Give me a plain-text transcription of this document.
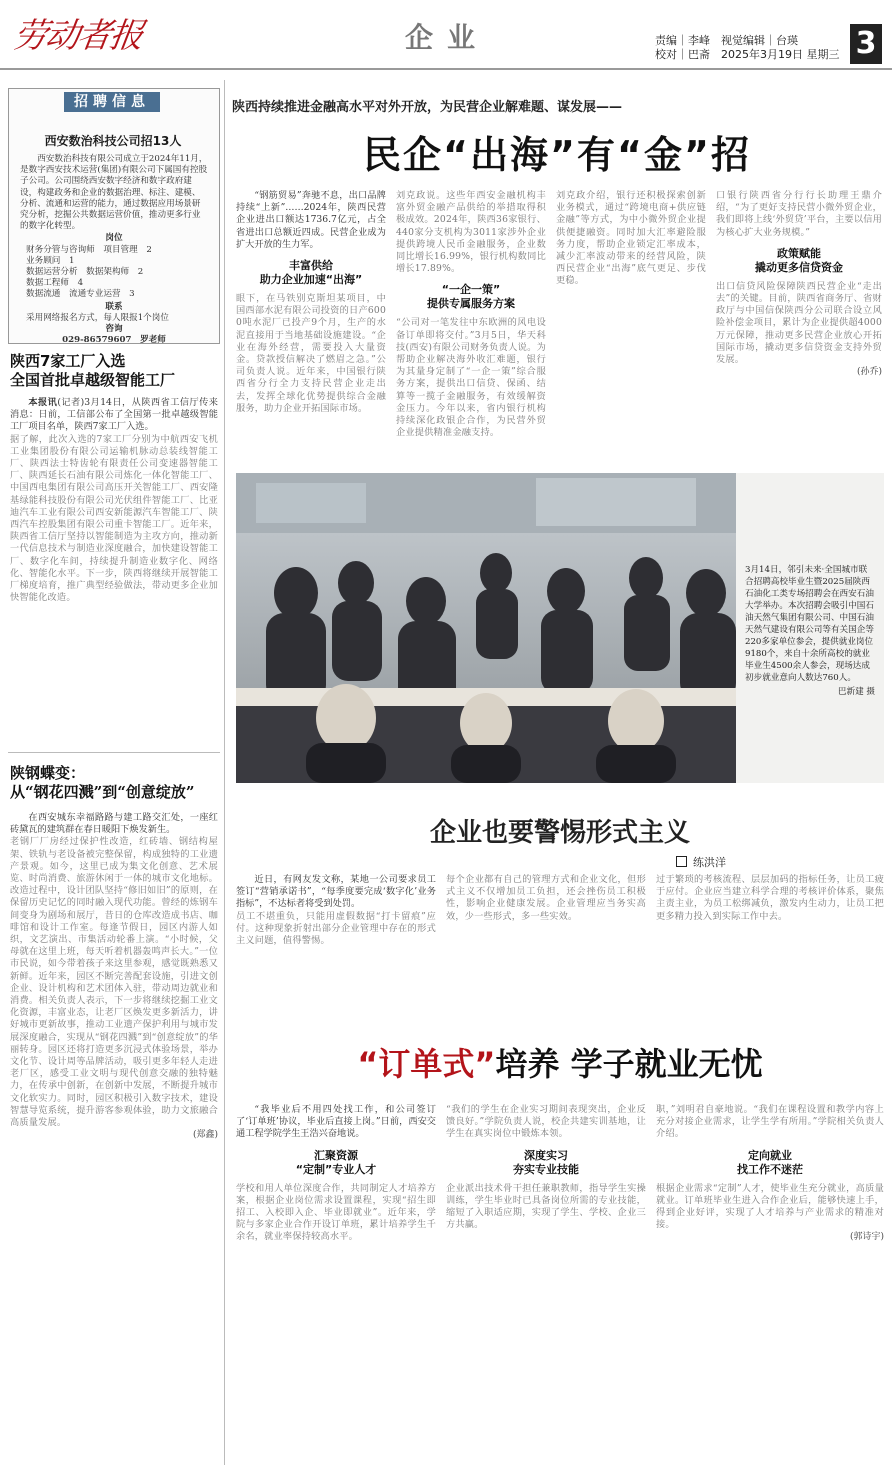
劳动者报	企业	责编｜李峰　视觉编辑｜台瑛
校对｜巴斋　2025年3月19日 星期三 3
招聘信息
西安数治科技公司招13人

西安数治科技有限公司成立于2024年11月，是数字西安技术运营(集团)有限公司下属国有控股子公司。公司围绕西安数字经济和数字政府建设，构建政务和企业的数据治理、标注、建模、分析、流通和运营的能力，通过数据应用场景研究分析，挖掘公共数据运营价值，推动更多行业的数字化转型。

岗位
财务分管与咨询师　项目管理　2
业务顾问　1
数据运营分析　数据架构师　2
数据工程师　4
数据流通　流通专业运营　3
联系
采用网络报名方式，每人限报1个岗位
咨询
029-86579607　罗老师
陕西7家工厂入选
全国首批卓越级智能工厂

本报讯(记者)3月14日，从陕西省工信厅传来消息：日前，工信部公布了全国第一批卓越级智能工厂项目名单，陕西7家工厂入选。

据了解，此次入选的7家工厂分别为中航西安飞机工业集团股份有限公司运输机脉动总装线智能工厂、陕西法士特齿轮有限责任公司变速器智能工厂、陕西延长石油有限公司炼化一体化智能工厂、中国西电集团有限公司高压开关智能工厂、西安隆基绿能科技股份有限公司光伏组件智能工厂、比亚迪汽车工业有限公司西安新能源汽车智能工厂、陕西汽车控股集团有限公司重卡智能工厂。近年来，陕西省工信厅坚持以智能制造为主攻方向，推动新一代信息技术与制造业深度融合，加快建设智能工厂、数字化车间，持续提升制造业数字化、网络化、智能化水平。下一步，陕西将继续开展智能工厂梯度培育，推广典型经验做法，带动更多企业加快智能化改造。
陕钢蝶变：
从“钢花四溅”到“创意绽放”

在西安城东幸福路路与建工路交汇处，一座红砖黛瓦的建筑群在春日暖阳下焕发新生。

老钢厂厂房经过保护性改造，红砖墙、钢结构屋架、铁轨与老设备被完整保留，构成独特的工业遗产景观。如今，这里已成为集文化创意、艺术展览、时尚消费、旅游休闲于一体的城市文化地标。改造过程中，设计团队坚持“修旧如旧”的原则，在保留历史记忆的同时融入现代功能。曾经的炼钢车间变身为剧场和展厅，昔日的仓库改造成书店、咖啡馆和设计工作室。每逢节假日，园区内游人如织，文艺演出、市集活动轮番上演。“小时候，父母就在这里上班，每天听着机器轰鸣声长大。”一位市民说，如今带着孩子来这里参观，感觉既熟悉又新鲜。近年来，园区不断完善配套设施，引进文创企业、设计机构和艺术团体入驻，带动周边就业和消费。相关负责人表示，下一步将继续挖掘工业文化资源，丰富业态，让老厂区焕发更多新活力，讲好城市更新故事，推动工业遗产保护利用与城市发展深度融合，实现从“钢花四溅”到“创意绽放”的华丽转身。园区还将打造更多沉浸式体验场景，举办文化节、设计周等品牌活动，吸引更多年轻人走进老厂区，感受工业文明与现代创意交融的独特魅力，在传承中创新，在创新中发展，不断提升城市文化软实力。同时，园区积极引入数字技术，建设智慧导览系统，提升游客参观体验，助力文旅融合高质量发展。
(郑鑫)
陕西持续推进金融高水平对外开放，为民营企业解难题、谋发展——
民企“出海”有“金”招

“钢筋贸易”奔驰不息，出口品牌持续“上新”……2024年，陕西民营企业进出口额达1736.7亿元，占全省进出口总额近四成。民营企业成为扩大开放的生力军。

丰富供给
助力企业加速“出海”
眼下，在马铁别克斯坦某项目，中国西部水泥有限公司投资的日产6000吨水泥厂已投产9个月，生产的水泥直接用于当地基础设施建设。“企业在海外经营，需要投入大量资金。贷款授信解决了燃眉之急。”公司负责人说。近年来，中国银行陕西省分行全力支持民营企业走出去，发挥全球化优势提供综合金融服务，助力企业开拓国际市场。
刘克政说。这些年西安金融机构丰富外贸金融产品供给的举措取得积极成效。2024年，陕西36家银行、440家分支机构为3011家涉外企业提供跨境人民币金融服务，企业数同比增长16.99%，银行机构数同比增长17.89%。
“一企一策”
提供专属服务方案
“公司对一笔发往中东欧洲的风电设备订单即将交付。”3月5日，华天科技(西安)有限公司财务负责人说。为帮助企业解决海外收汇难题，银行为其量身定制了“一企一策”综合服务方案，提供出口信贷、保函、结算等一揽子金融服务，有效缓解资金压力。今年以来，省内银行机构持续深化政银企合作，为民营外贸企业提供精准金融支持。
刘克政介绍，银行还积极探索创新业务模式，通过“跨境电商+供应链金融”等方式，为中小微外贸企业提供便捷融资。同时加大汇率避险服务力度，帮助企业锁定汇率成本，减少汇率波动带来的经营风险，陕西民营企业“出海”底气更足、步伐更稳。
口银行陕西省分行行长助理王鼎介绍，“为了更好支持民营小微外贸企业，我们即将上线‘外贸贷’平台，主要以信用为核心扩大业务规模。”
政策赋能
撬动更多信贷资金
出口信贷风险保障陕西民营企业“走出去”的关键。目前，陕西省商务厅、省财政厅与中国信保陕西分公司联合设立风险补偿金项目，累计为企业提供超4000万元保障，推动更多民营企业放心开拓国际市场，撬动更多信贷资金支持外贸发展。
(孙乔)
3月14日，邻引未来·全国城市联合招聘高校毕业生暨2025届陕西石油化工类专场招聘会在西安石油大学举办。本次招聘会吸引中国石油天然气集团有限公司、中国石油天然气建设有限公司等有关国企等220多家单位参会，提供就业岗位9180个，来自十余所高校的就业毕业生4500余人参会，现场达成初步就业意向人数达760人。
巴新建 摄
企业也要警惕形式主义
练洪洋

近日，有网友发文称，某地一公司要求员工签订“营销承诺书”，“每季度要完成‘数字化’业务指标”，不达标者将受到处罚。

员工不堪重负，只能用虚假数据“打卡留痕”应付。这种现象折射出部分企业管理中存在的形式主义问题，值得警惕。
每个企业都有自己的管理方式和企业文化，但形式主义不仅增加员工负担，还会挫伤员工积极性，影响企业健康发展。企业管理应当务实高效，少一些形式，多一些实效。
过于繁琐的考核流程、层层加码的指标任务，让员工疲于应付。企业应当建立科学合理的考核评价体系，聚焦主责主业，为员工松绑减负，激发内生动力，让员工把更多精力投入到实际工作中去。
“订单式”培养 学子就业无忧

“我毕业后不用四处找工作，和公司签订了‘订单班’协议，毕业后直接上岗。”日前，西安交通工程学院学生王浩兴奋地说。

汇聚资源
“定制”专业人才
学校和用人单位深度合作，共同制定人才培养方案，根据企业岗位需求设置课程，实现“招生即招工、入校即入企、毕业即就业”。近年来，学院与多家企业合作开设订单班，累计培养学生千余名，就业率保持较高水平。
“我们的学生在企业实习期间表现突出，企业反馈良好。”学院负责人说，校企共建实训基地，让学生在真实岗位中锻炼本领。
深度实习
夯实专业技能
企业派出技术骨干担任兼职教师，指导学生实操训练，学生毕业时已具备岗位所需的专业技能，缩短了入职适应期，实现了学生、学校、企业三方共赢。
职，”刘明君自豪地说。“我们在课程设置和教学内容上充分对接企业需求，让学生学有所用。”学院相关负责人介绍。
定向就业
找工作不迷茫
根据企业需求“定制”人才，使毕业生充分就业，高质量就业。订单班毕业生进入合作企业后，能够快速上手，得到企业好评，实现了人才培养与产业需求的精准对接。
(郭诗宇)
